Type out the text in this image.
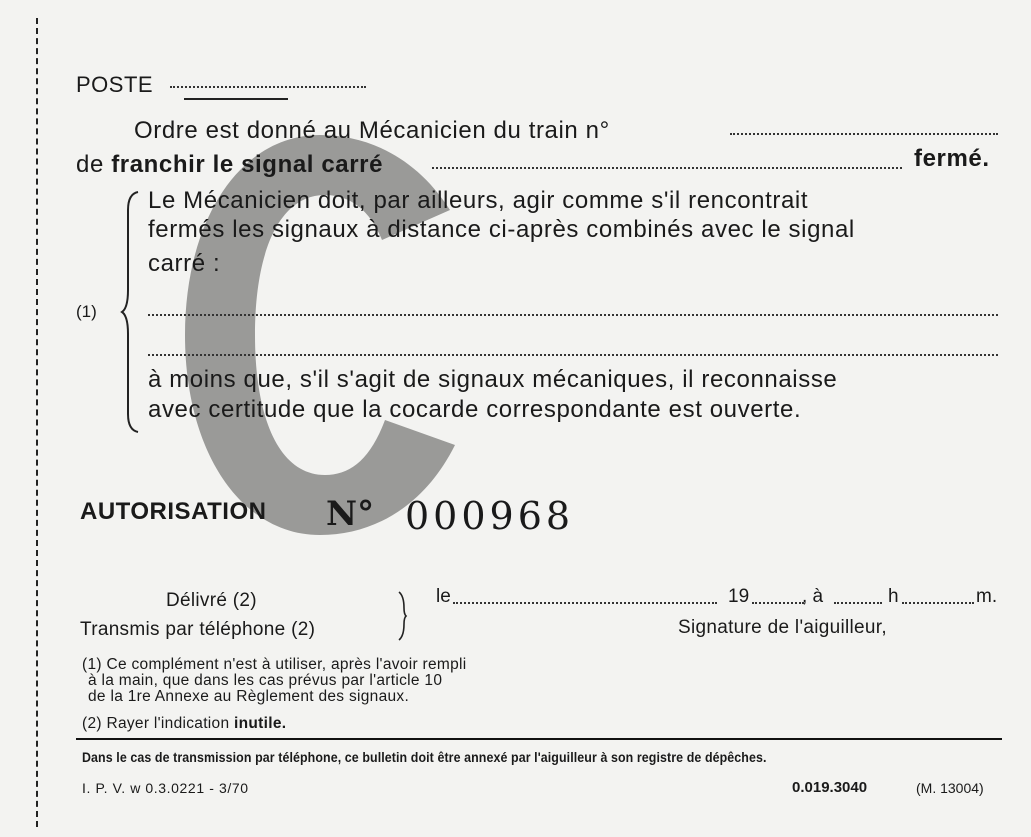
POSTE
Ordre est donné au Mécanicien du train n°
de franchir le signal carré	fermé.
Le Mécanicien doit, par ailleurs, agir comme s'il rencontrait
fermés les signaux à distance ci-après combinés avec le signal
carré :
(1)
à moins que, s'il s'agit de signaux mécaniques, il reconnaisse
avec certitude que la cocarde correspondante est ouverte.
AUTORISATION N° 000968
Délivré (2)
Transmis par téléphone (2)
le	19	, à	h	m.
Signature de l'aiguilleur,
(1) Ce complément n'est à utiliser, après l'avoir rempli
à la main, que dans les cas prévus par l'article 10
de la 1re Annexe au Règlement des signaux.
(2) Rayer l'indication inutile.
Dans le cas de transmission par téléphone, ce bulletin doit être annexé par l'aiguilleur à son registre de dépêches.
I. P. V. w 0.3.0221 - 3/70	0.019.3040	(M. 13004)
